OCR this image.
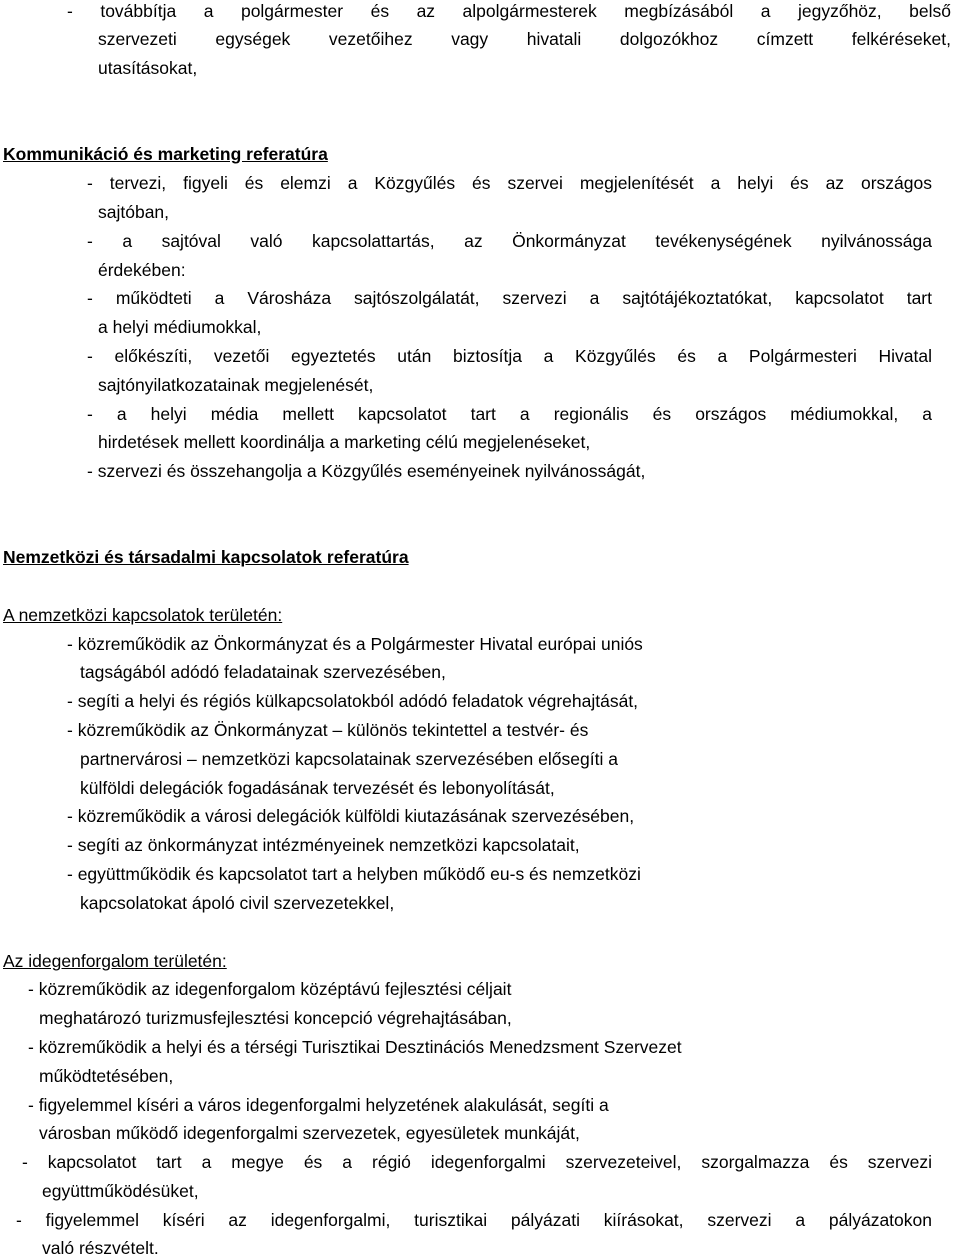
- továbbítja a polgármester és az alpolgármesterek megbízásából a jegyzőhöz, belső
szervezeti egységek vezetőihez vagy hivatali dolgozókhoz címzett felkéréseket,
utasításokat,
Kommunikáció és marketing referatúra
- tervezi, figyeli és elemzi a Közgyűlés és szervei megjelenítését a helyi és az országos
sajtóban,
- a sajtóval való kapcsolattartás, az Önkormányzat tevékenységének nyilvánossága
érdekében:
- működteti a Városháza sajtószolgálatát, szervezi a sajtótájékoztatókat, kapcsolatot tart
a helyi médiumokkal,
- előkészíti, vezetői egyeztetés után biztosítja a Közgyűlés és a Polgármesteri Hivatal
sajtónyilatkozatainak megjelenését,
- a helyi média mellett kapcsolatot tart a regionális és országos médiumokkal, a
hirdetések mellett koordinálja a marketing célú megjelenéseket,
- szervezi és összehangolja a Közgyűlés eseményeinek nyilvánosságát,
Nemzetközi és társadalmi kapcsolatok referatúra
A nemzetközi kapcsolatok területén:
- közreműködik az Önkormányzat és a Polgármester Hivatal európai uniós
tagságából adódó feladatainak szervezésében,
- segíti a helyi és régiós külkapcsolatokból adódó feladatok végrehajtását,
- közreműködik az Önkormányzat – különös tekintettel a testvér- és
partnervárosi – nemzetközi kapcsolatainak szervezésében elősegíti a
külföldi delegációk fogadásának tervezését és lebonyolítását,
- közreműködik a városi delegációk külföldi kiutazásának szervezésében,
- segíti az önkormányzat intézményeinek nemzetközi kapcsolatait,
- együttműködik és kapcsolatot tart a helyben működő eu-s és nemzetközi
kapcsolatokat ápoló civil szervezetekkel,
Az idegenforgalom területén:
- közreműködik az idegenforgalom középtávú fejlesztési céljait
meghatározó turizmusfejlesztési koncepció végrehajtásában,
- közreműködik a helyi és a térségi Turisztikai Desztinációs Menedzsment Szervezet
működtetésében,
- figyelemmel kíséri a város idegenforgalmi helyzetének alakulását, segíti a
városban működő idegenforgalmi szervezetek, egyesületek munkáját,
- kapcsolatot tart a megye és a régió idegenforgalmi szervezeteivel, szorgalmazza és szervezi
együttműködésüket,
- figyelemmel kíséri az idegenforgalmi, turisztikai pályázati kiírásokat, szervezi a pályázatokon
való részvételt.
